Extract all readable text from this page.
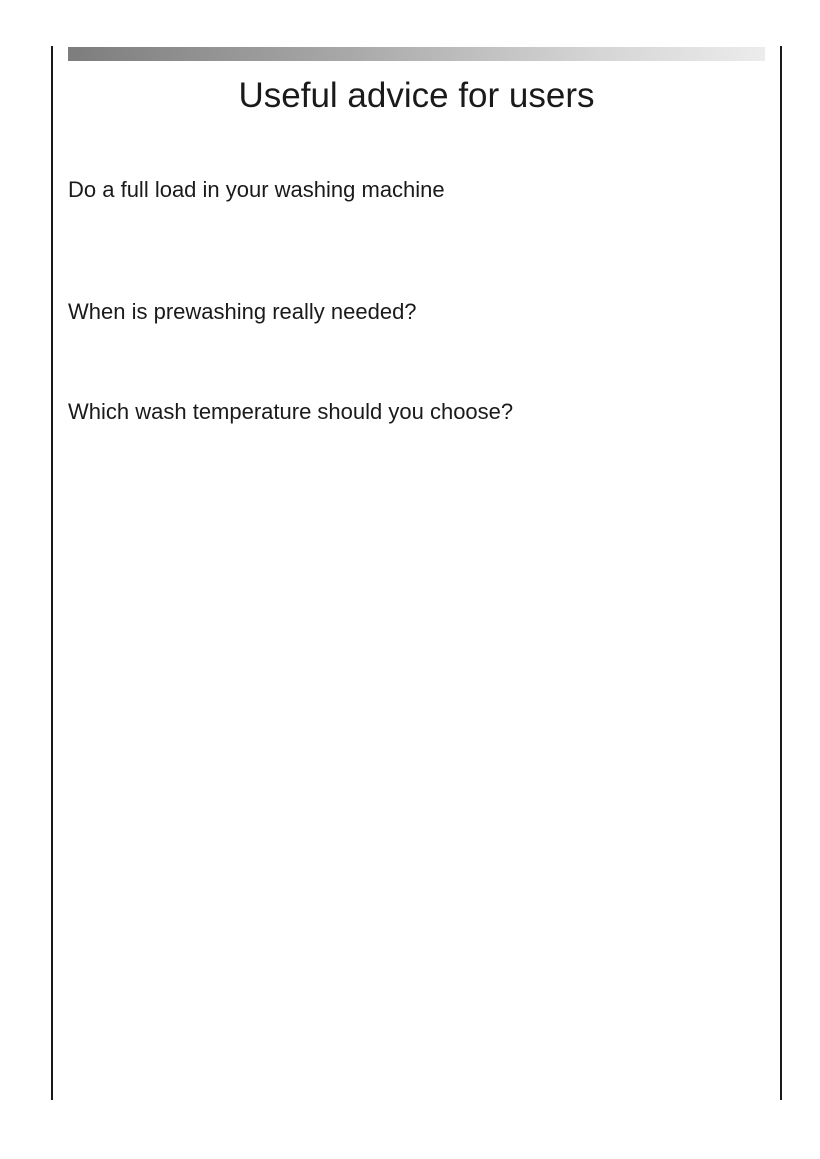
Useful advice for users
Do a full load in your washing machine
When is prewashing really needed?
Which wash temperature should you choose?
